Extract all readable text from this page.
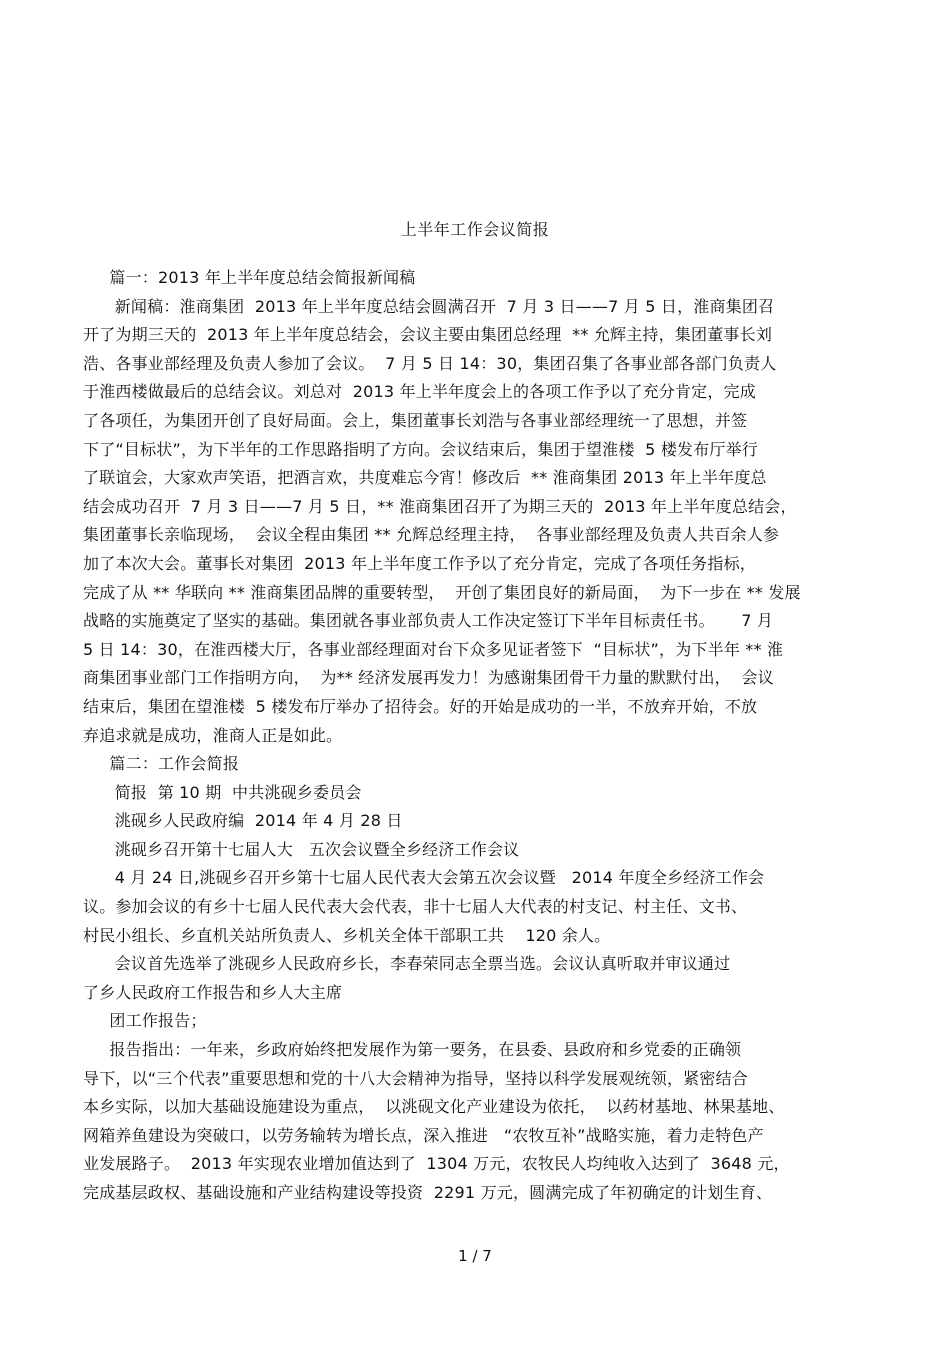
上半年工作会议简报
篇一：2013 年上半年度总结会简报新闻稿
新闻稿：淮商集团  2013 年上半年度总结会圆满召开  7 月 3 日——7 月 5 日，淮商集团召
开了为期三天的  2013 年上半年度总结会，会议主要由集团总经理  ** 允辉主持，集团董事长刘
浩、各事业部经理及负责人参加了会议。  7 月 5 日 14：30，集团召集了各事业部各部门负责人
于淮西楼做最后的总结会议。刘总对  2013 年上半年度会上的各项工作予以了充分肯定，完成
了各项任，为集团开创了良好局面。会上，集团董事长刘浩与各事业部经理统一了思想，并签
下了“目标状”，为下半年的工作思路指明了方向。会议结束后，集团于望淮楼  5 楼发布厅举行
了联谊会，大家欢声笑语，把酒言欢，共度难忘今宵！修改后  ** 淮商集团 2013 年上半年度总
结会成功召开  7 月 3 日——7 月 5 日，** 淮商集团召开了为期三天的  2013 年上半年度总结会，
集团董事长亲临现场，  会议全程由集团 ** 允辉总经理主持，  各事业部经理及负责人共百余人参
加了本次大会。董事长对集团  2013 年上半年度工作予以了充分肯定，完成了各项任务指标，
完成了从 ** 华联向 ** 淮商集团品牌的重要转型，  开创了集团良好的新局面，  为下一步在 ** 发展
战略的实施奠定了坚实的基础。集团就各事业部负责人工作决定签订下半年目标责任书。     7 月
5 日 14：30，在淮西楼大厅，各事业部经理面对台下众多见证者签下  “目标状”，为下半年 ** 淮
商集团事业部门工作指明方向，  为** 经济发展再发力！为感谢集团骨干力量的默默付出，  会议
结束后，集团在望淮楼  5 楼发布厅举办了招待会。好的开始是成功的一半，不放弃开始，不放
弃追求就是成功，淮商人正是如此。
篇二：工作会简报
简报  第 10 期  中共洮砚乡委员会
洮砚乡人民政府编  2014 年 4 月 28 日
洮砚乡召开第十七届人大   五次会议暨全乡经济工作会议
4 月 24 日,洮砚乡召开乡第十七届人民代表大会第五次会议暨   2014 年度全乡经济工作会
议。参加会议的有乡十七届人民代表大会代表，非十七届人大代表的村支记、村主任、文书、
村民小组长、乡直机关站所负责人、乡机关全体干部职工共    120 余人。
会议首先选举了洮砚乡人民政府乡长，李春荣同志全票当选。会议认真听取并审议通过
了乡人民政府工作报告和乡人大主席
团工作报告；
报告指出：一年来，乡政府始终把发展作为第一要务，在县委、县政府和乡党委的正确领
导下，以“三个代表”重要思想和党的十八大会精神为指导，坚持以科学发展观统领，紧密结合
本乡实际，以加大基础设施建设为重点，  以洮砚文化产业建设为依托，  以药材基地、林果基地、
网箱养鱼建设为突破口，以劳务输转为增长点，深入推进   “农牧互补”战略实施，着力走特色产
业发展路子。  2013 年实现农业增加值达到了  1304 万元，农牧民人均纯收入达到了  3648 元，
完成基层政权、基础设施和产业结构建设等投资  2291 万元，圆满完成了年初确定的计划生育、
1 / 7
